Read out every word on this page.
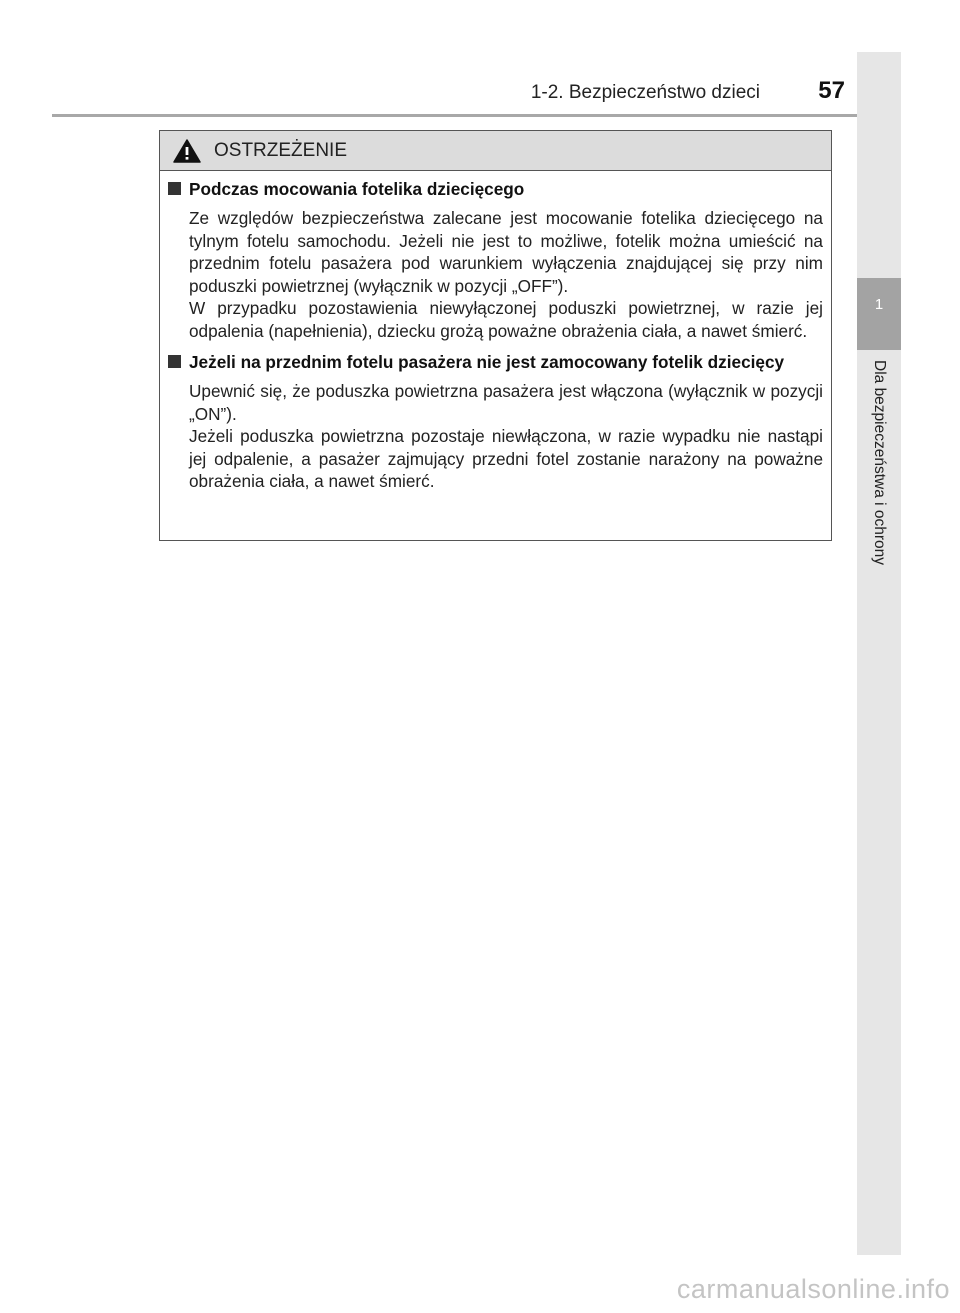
1-2. Bezpieczeństwo dzieci	57
1
Dla bezpieczeństwa i ochrony
OSTRZEŻENIE
Podczas mocowania fotelika dziecięcego
Ze względów bezpieczeństwa zalecane jest mocowanie fotelika dziecięcego na tylnym fotelu samochodu. Jeżeli nie jest to możliwe, fotelik można umieścić na przednim fotelu pasażera pod warunkiem wyłączenia znajdującej się przy nim poduszki powietrznej (wyłącznik w pozycji „OFF”).
W przypadku pozostawienia niewyłączonej poduszki powietrznej, w razie jej odpalenia (napełnienia), dziecku grożą poważne obrażenia ciała, a nawet śmierć.
Jeżeli na przednim fotelu pasażera nie jest zamocowany fotelik dziecięcy
Upewnić się, że poduszka powietrzna pasażera jest włączona (wyłącznik w pozycji „ON”).
Jeżeli poduszka powietrzna pozostaje niewłączona, w razie wypadku nie nastąpi jej odpalenie, a pasażer zajmujący przedni fotel zostanie narażony na poważne obrażenia ciała, a nawet śmierć.
carmanualsonline.info
